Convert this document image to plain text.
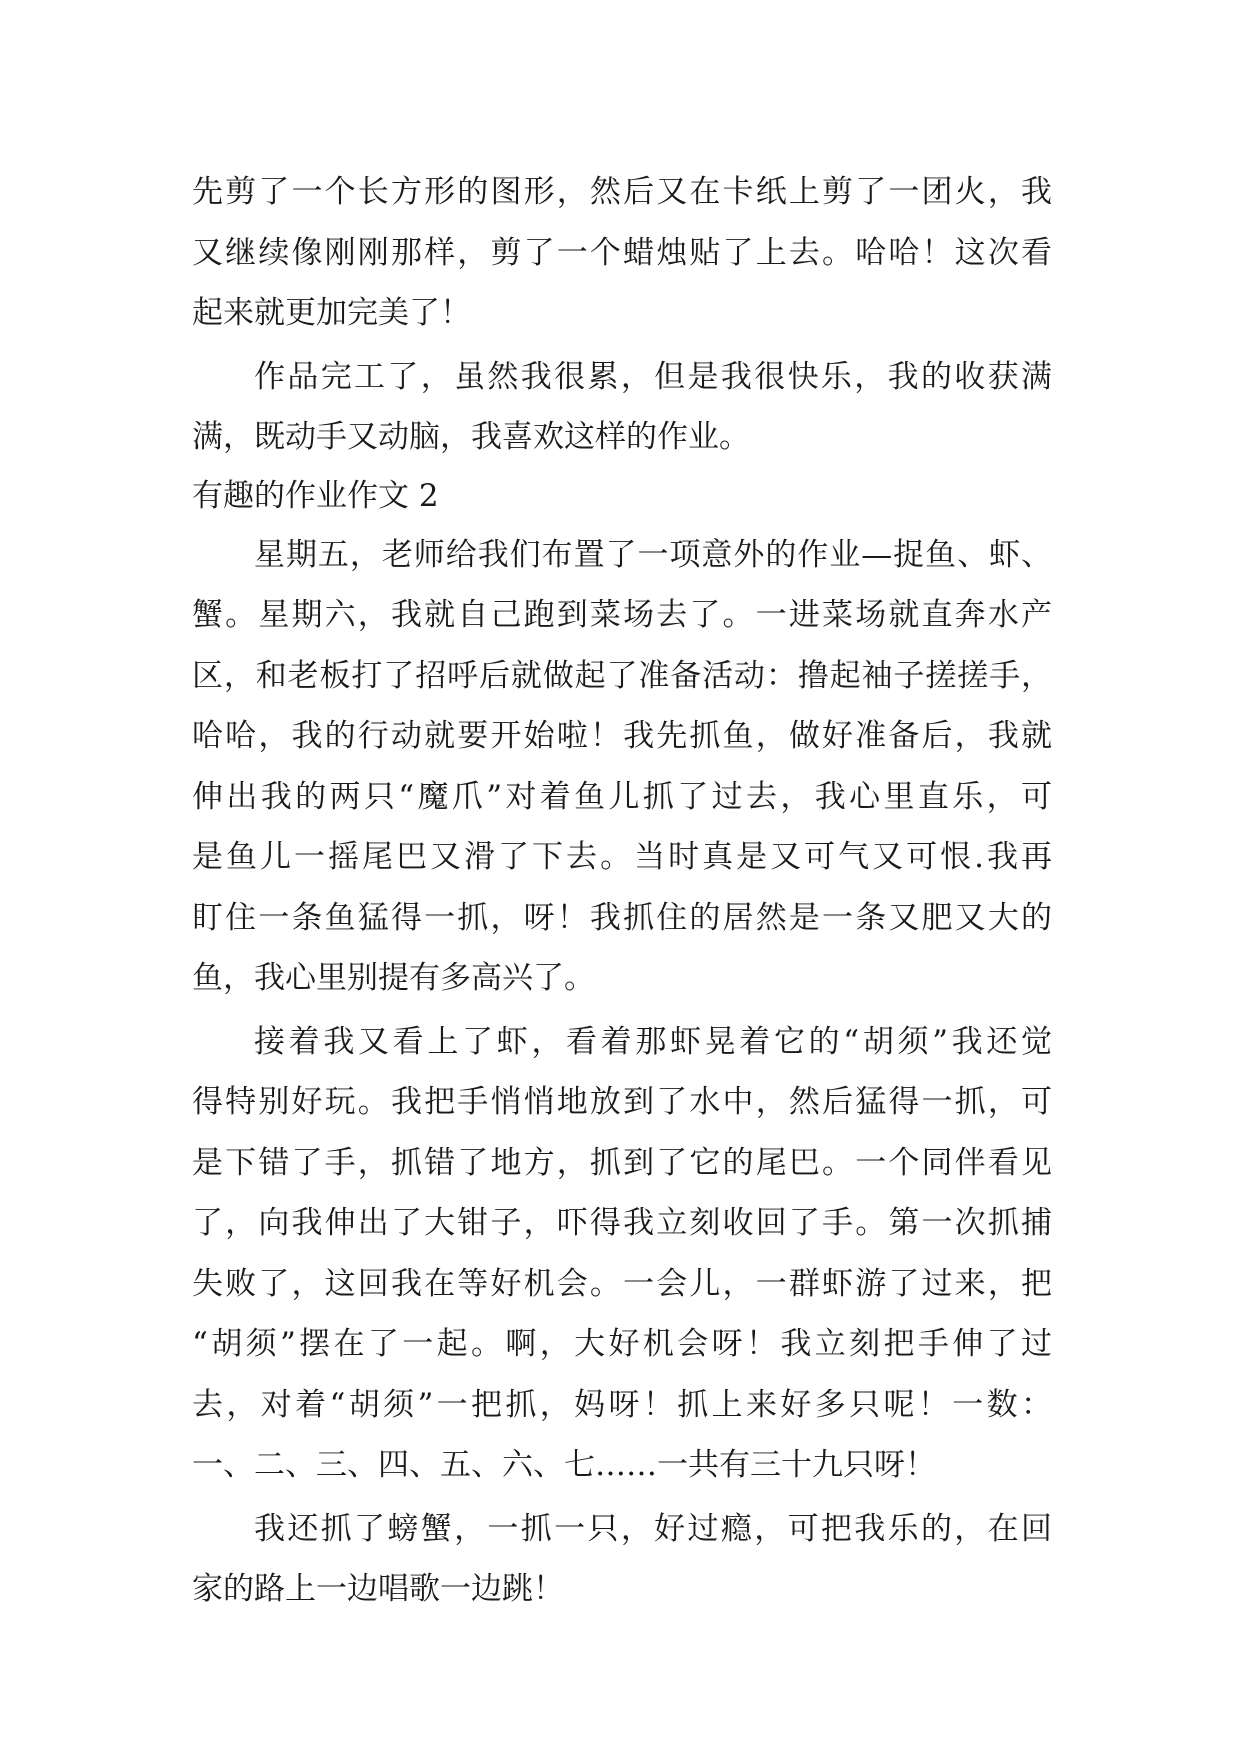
先剪了一个长方形的图形，然后又在卡纸上剪了一团火，我
又继续像刚刚那样，剪了一个蜡烛贴了上去。哈哈！这次看
起来就更加完美了！
作品完工了，虽然我很累，但是我很快乐，我的收获满
满，既动手又动脑，我喜欢这样的作业。
有趣的作业作文 2
星期五，老师给我们布置了一项意外的作业—捉鱼、虾、
蟹。星期六，我就自己跑到菜场去了。一进菜场就直奔水产
区，和老板打了招呼后就做起了准备活动：撸起袖子搓搓手，
哈哈，我的行动就要开始啦！我先抓鱼，做好准备后，我就
伸出我的两只“魔爪”对着鱼儿抓了过去，我心里直乐，可
是鱼儿一摇尾巴又滑了下去。当时真是又可气又可恨.我再
盯住一条鱼猛得一抓，呀！我抓住的居然是一条又肥又大的
鱼，我心里别提有多高兴了。
接着我又看上了虾，看着那虾晃着它的“胡须”我还觉
得特别好玩。我把手悄悄地放到了水中，然后猛得一抓，可
是下错了手，抓错了地方，抓到了它的尾巴。一个同伴看见
了，向我伸出了大钳子，吓得我立刻收回了手。第一次抓捕
失败了，这回我在等好机会。一会儿，一群虾游了过来，把
“胡须”摆在了一起。啊，大好机会呀！我立刻把手伸了过
去，对着“胡须”一把抓，妈呀！抓上来好多只呢！一数：
一、二、三、四、五、六、七……一共有三十九只呀！
我还抓了螃蟹，一抓一只，好过瘾，可把我乐的，在回
家的路上一边唱歌一边跳！
